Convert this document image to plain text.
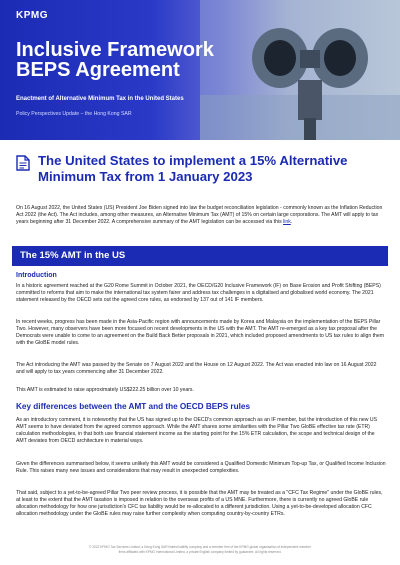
KPMG
Inclusive Framework BEPS Agreement
Enactment of Alternative Minimum Tax in the United States
Policy Perspectives Update – the Hong Kong SAR
The United States to implement a 15% Alternative Minimum Tax from 1 January 2023
On 16 August 2022, the United States (US) President Joe Biden signed into law the budget reconciliation legislation - commonly known as the Inflation Reduction Act 2022 (the Act). The Act includes, among other measures, an Alternative Minimum Tax (AMT) of 15% on certain large corporations. The AMT will apply to tax years beginning after 31 December 2022. A comprehensive summary of the AMT legislation can be accessed via this link.
The 15% AMT in the US
Introduction
In a historic agreement reached at the G20 Rome Summit in October 2021, the OECD/G20 Inclusive Framework (IF) on Base Erosion and Profit Shifting (BEPS) committed to reforms that aim to make the international tax system fairer and address tax challenges in a digitalised and globalised world economy. The 2021 statement released by the OECD sets out the agreed core rules, as endorsed by 137 out of 141 IF members.
In recent weeks, progress has been made in the Asia-Pacific region with announcements made by Korea and Malaysia on the implementation of the BEPS Pillar Two. However, many observers have been more focused on recent developments in the US with the AMT. The AMT re-emerged as a key tax proposal after the Democrats were unable to come to an agreement on the Build Back Better proposals in 2021, which included proposed amendments to US tax rules to align them with the GloBE model rules.
The Act introducing the AMT was passed by the Senate on 7 August 2022 and the House on 12 August 2022. The Act was enacted into law on 16 August 2022 and will apply to tax years commencing after 31 December 2022.
This AMT is estimated to raise approximately US$222.25 billion over 10 years.
Key differences between the AMT and the OECD BEPS rules
As an introductory comment, it is noteworthy that the US has signed up to the OECD's common approach as an IF member, but the introduction of this new US AMT seems to have deviated from the agreed common approach. While the AMT shares some similarities with the Pillar Two GloBE effective tax rate (ETR) calculation methodologies, in that both use financial statement income as the starting point for the 15% ETR calculation, the scope and technical design of the AMT deviates from OECD architecture in material ways.
Given the differences summarised below, it seems unlikely this AMT would be considered a Qualified Domestic Minimum Top-up Tax, or Qualified Income Inclusion Rule. This raises many new issues and considerations that may result in unexpected complexities.
That said, subject to a yet-to-be-agreed Pillar Two peer review process, it is possible that the AMT may be treated as a "CFC Tax Regime" under the GloBE rules, at least to the extent that the AMT taxation is imposed in relation to the overseas profits of a US MNE. Furthermore, there is currently no agreed GloBE rule allocation methodology for how one jurisdiction's CFC tax liability would be re-allocated to a different jurisdiction. Using a yet-to-be-developed allocation CFC allocation methodology under the GloBE rules may raise further complexity when computing country-by-country ETRs.
© 2022 KPMG Tax Services Limited, a Hong Kong SAR limited liability company and a member firm of the KPMG global organisation of independent member
firms affiliated with KPMG International Limited, a private English company limited by guarantee. All rights reserved.
